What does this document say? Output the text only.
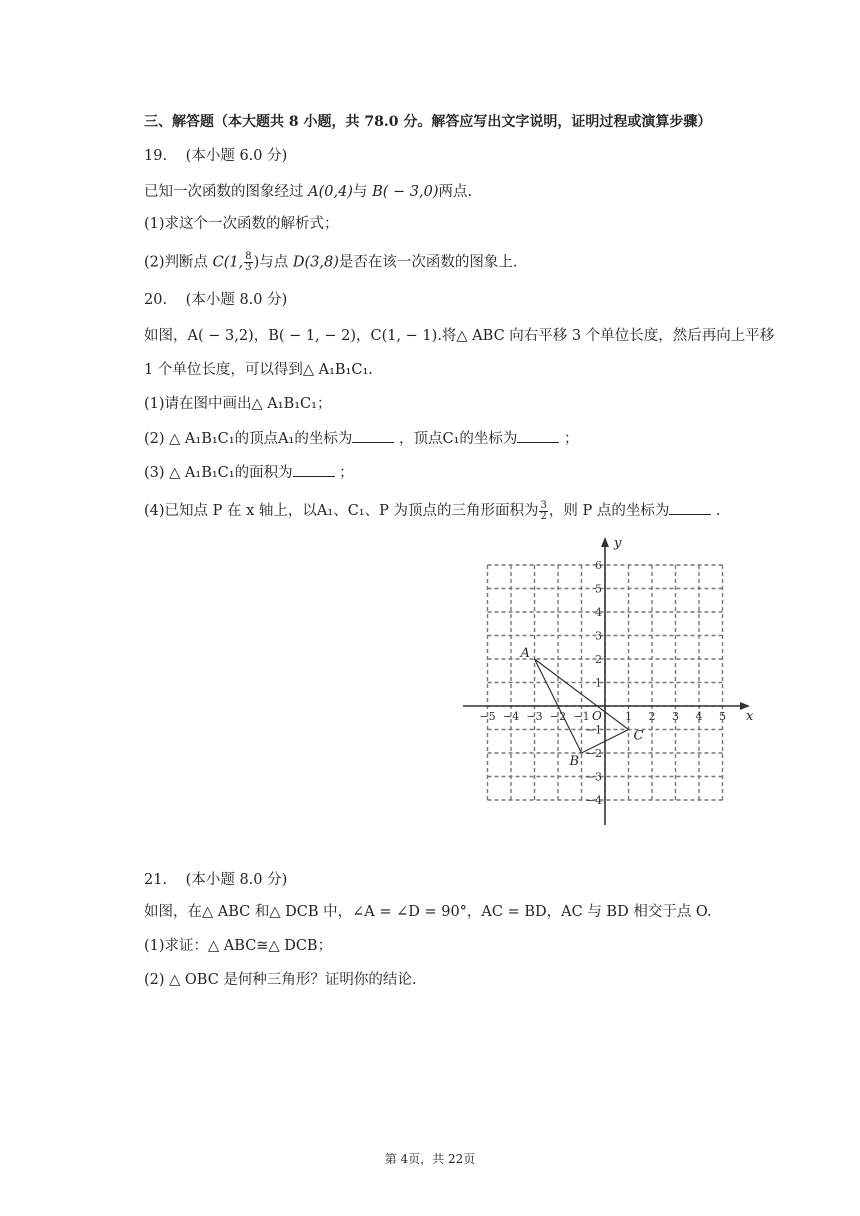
三、解答题（本大题共 8 小题，共 78.0 分。解答应写出文字说明，证明过程或演算步骤）
19. (本小题 6.0 分)
已知一次函数的图象经过 A(0,4)与 B( − 3,0)两点.
(1)求这个一次函数的解析式；
(2)判断点 C(1, $\frac{8}{3}$ )与点 D(3,8)是否在该一次函数的图象上.
20. (本小题 8.0 分)
如图，A( − 3,2)，B( − 1, − 2)，C(1, − 1).将△ ABC 向右平移 3 个单位长度，然后再向上平移
1 个单位长度，可以得到△ A₁B₁C₁.
(1)请在图中画出△ A₁B₁C₁；
(2) △ A₁B₁C₁的顶点A₁的坐标为	，顶点C₁的坐标为	；
(3) △ A₁B₁C₁的面积为	；
(4)已知点 P 在 x 轴上，以A₁、C₁、P 为顶点的三角形面积为 $\frac{3}{2}$ ，则 P 点的坐标为	.
x
y
O
−5 −4 −3 −2 −1	1 2 3 4 5
6
5
4
3
2
1
−1
−2
−3
−4
A
B
C
21. (本小题 8.0 分)
如图，在△ ABC 和△ DCB 中，∠A = ∠D = 90°，AC = BD，AC 与 BD 相交于点 O.
(1)求证：△ ABC≅△ DCB；
(2) △ OBC 是何种三角形？证明你的结论.
第 4页，共 22页
